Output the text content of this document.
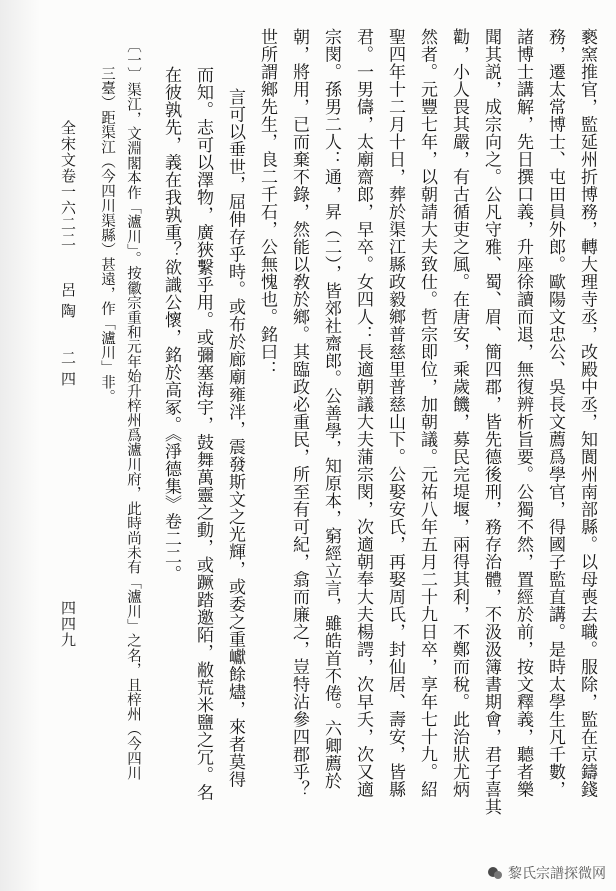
褻窯推官，監延州折博務，轉大理寺丞，改殿中丞，知閬州南部縣。以母喪去職。服除，監在京鑄錢
務，遷太常博士、屯田員外郎。歐陽文忠公、吳長文薦爲學官，得國子監直講。是時太學生凡千數，
諸博士講解，先日撰口義，升座徐讀而退，無復辨析旨要。公獨不然，置經於前，按文釋義，聽者樂
聞其説，成宗向之。公凡守雅、蜀、眉、簡四郡，皆先德後刑，務存治體，不汲汲簿書期會，君子喜其
勸，小人畏其嚴，有古循吏之風。在唐安，乘歲饑，募民完堤堰，兩得其利，不鄭而稅。此治狀尤炳
然者。元豐七年，以朝請大夫致仕。哲宗即位，加朝議。元祐八年五月二十九日卒，享年七十九。紹
聖四年十二月十日，葬於渠江縣政毅鄉普慈里普慈山下。公娶安氏，再娶周氏，封仙居、壽安，皆縣
君。一男儔，太廟齋郎，早卒。女四人：長適朝議大夫蒲宗閔，次適朝奉大夫楊諤，次早夭，次又適
宗閔。孫男二人：通，昇（二），皆郊社齋郎。公善學，知原本，窮經立言，雖皓首不倦。六卿薦於
朝，將用，已而棄不錄，然能以敎於鄉。其臨政必重民，所至有可紀，翕而廉之，豈特沾參四郡乎？
世所謂鄉先生，良二千石，公無愧也。銘曰：
言可以垂世，屈伸存乎時。或布於廊廟雍泮，震發斯文之光輝，或委之重巘餘燼，來者莫得
而知。志可以澤物，廣狹繫乎用。或彌塞海宇，鼓舞萬靈之動，或蹶踏邀陌，敝荒米鹽之冗。名
在彼孰先，義在我孰重？欲識公懷，銘於高冢。《淨德集》卷二二。
〔一〕渠江，文淵閣本作「瀘川」。按徽宗重和元年始升梓州爲瀘川府，此時尚未有「瀘川」之名，且梓州（今四川
三臺）距渠江（今四川渠縣）甚遠，作「瀘川」非。
全宋文卷一六二二
呂陶
二四
四四九
黎氏宗譜探微网
